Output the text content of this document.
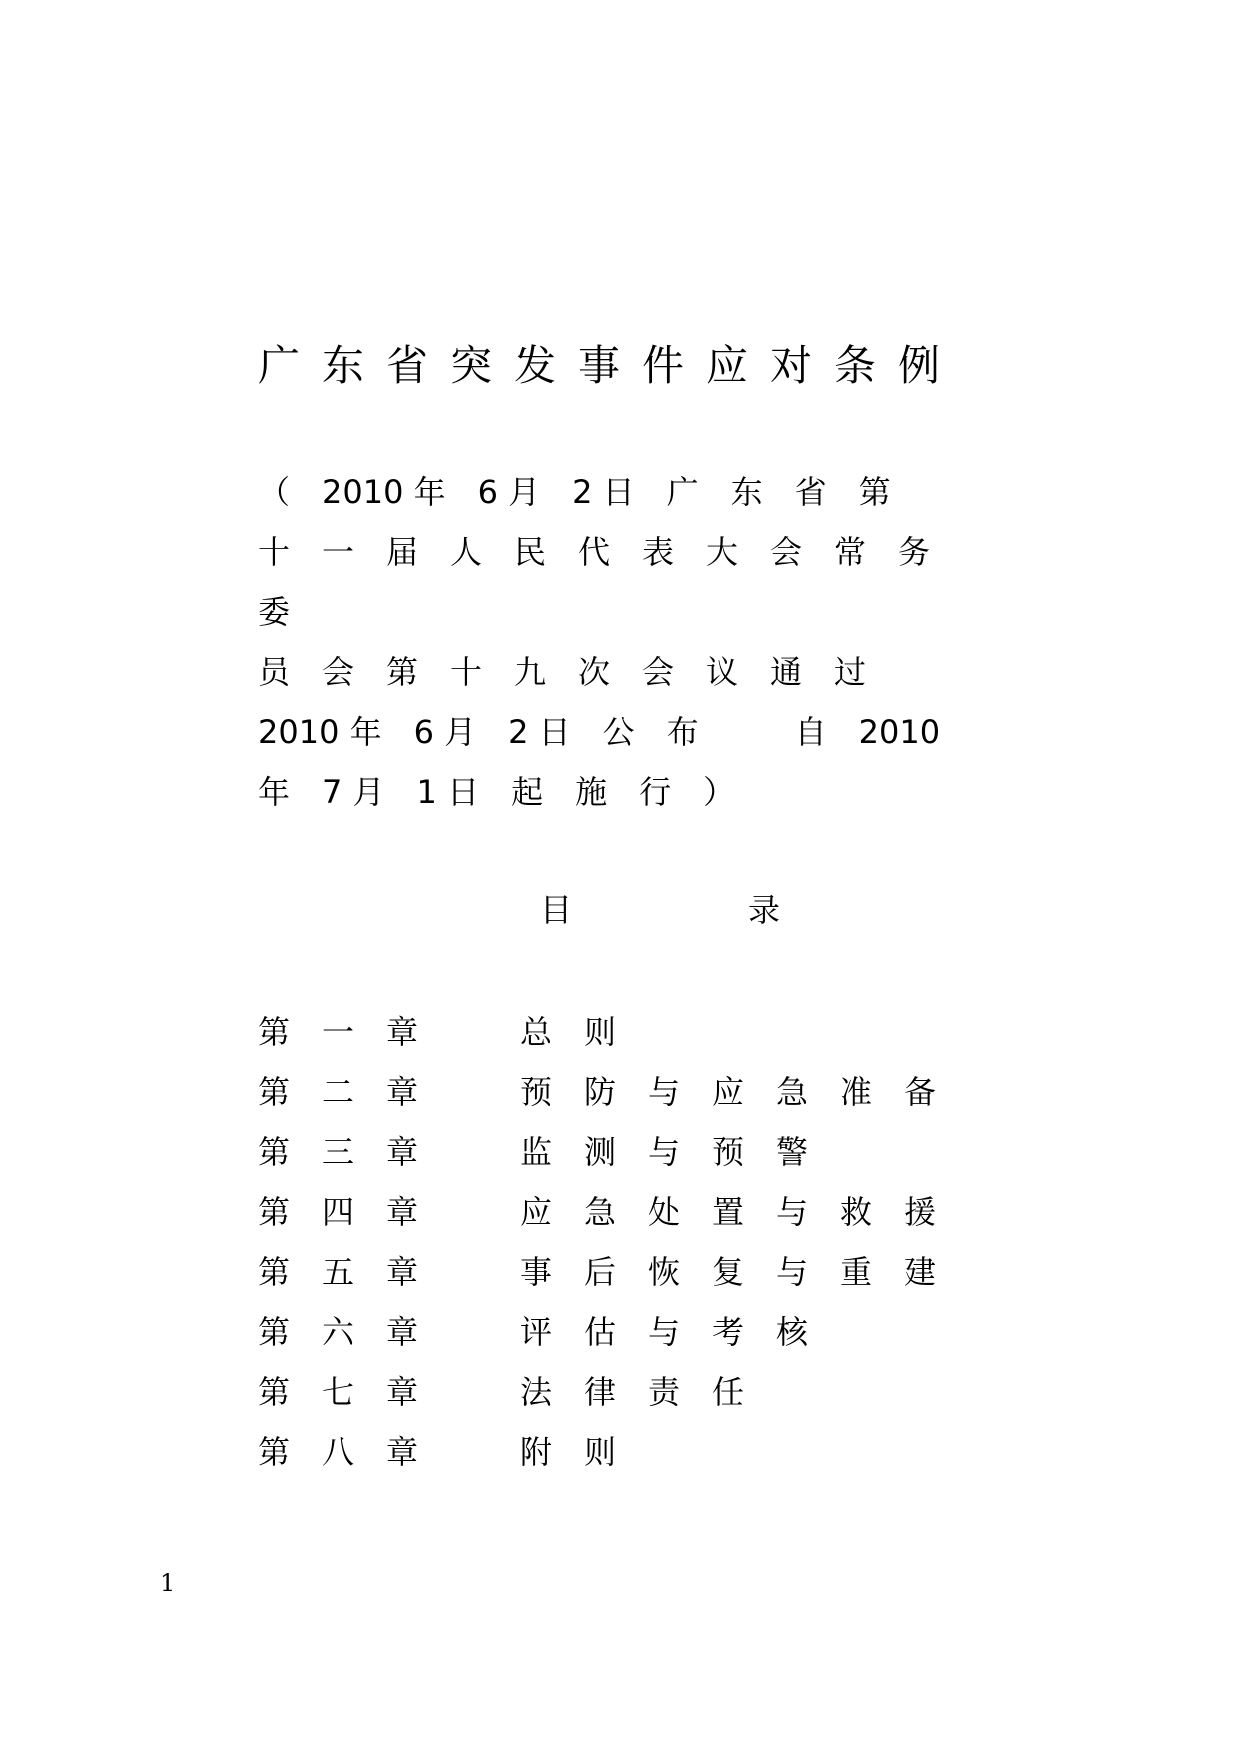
广东省突发事件应对条例
（　2010 年　6 月　2 日　广　东　省　第
十　一　届　人　民　代　表　大　会　常　务
委
员　会　第　十　九　次　会　议　通　过
2010 年　6 月　2 日　公　布　　　自　2010
年　7 月　1 日　起　施　行　）
目　　　　　录
第一章	总则
第二章	预防与应急准备
第三章	监测与预警
第四章	应急处置与救援
第五章	事后恢复与重建
第六章	评估与考核
第七章	法律责任
第八章	附则
1
